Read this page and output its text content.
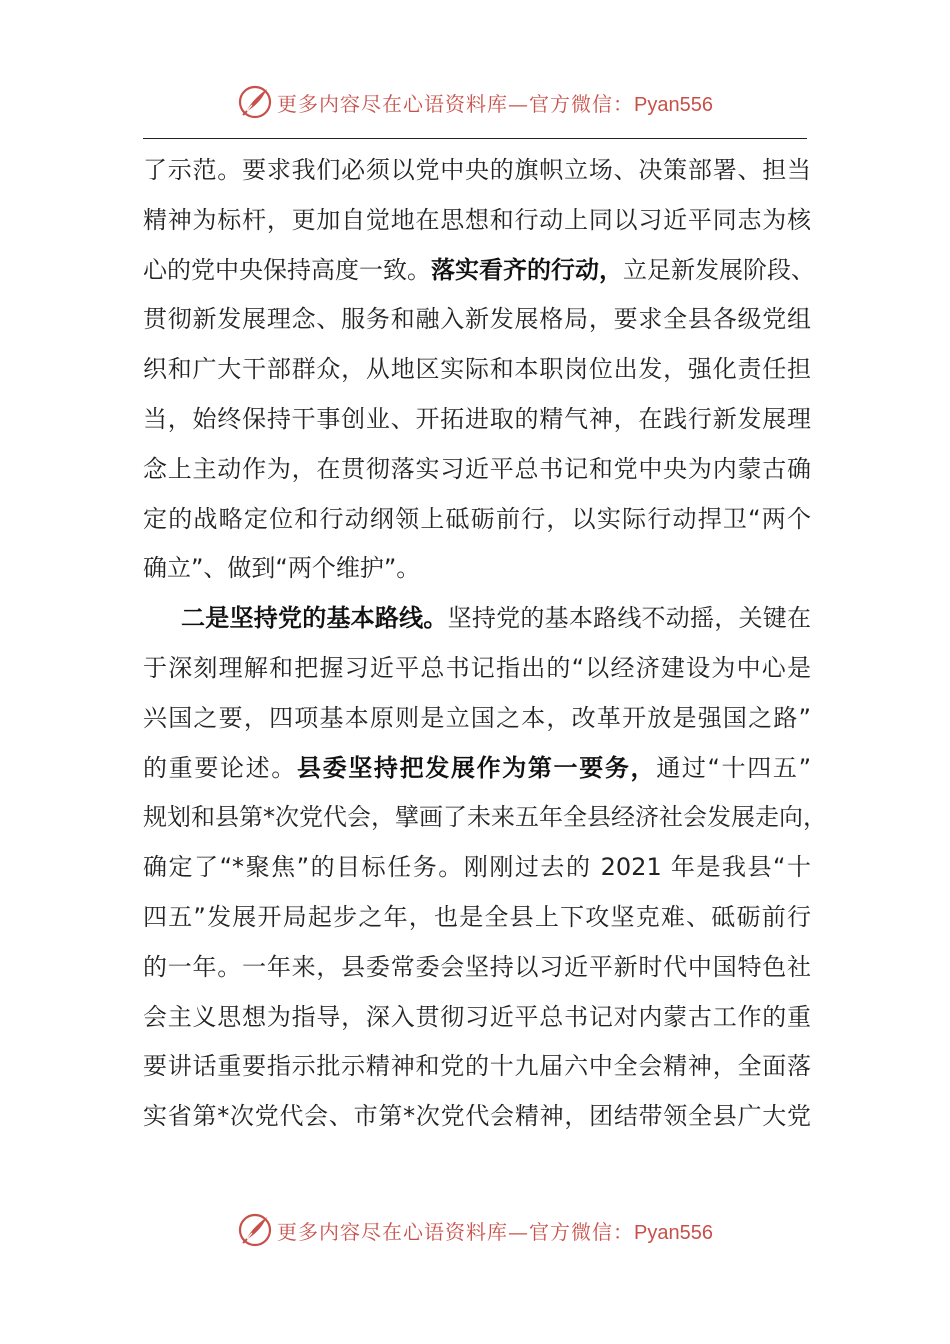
更多内容尽在心语资料库—官方微信：Pyan556
了示范。要求我们必须以党中央的旗帜立场、决策部署、担当
精神为标杆，更加自觉地在思想和行动上同以习近平同志为核
心的党中央保持高度一致。落实看齐的行动，立足新发展阶段、
贯彻新发展理念、服务和融入新发展格局，要求全县各级党组
织和广大干部群众，从地区实际和本职岗位出发，强化责任担
当，始终保持干事创业、开拓进取的精气神，在践行新发展理
念上主动作为，在贯彻落实习近平总书记和党中央为内蒙古确
定的战略定位和行动纲领上砥砺前行，以实际行动捍卫“两个
确立”、做到“两个维护”。
二是坚持党的基本路线。坚持党的基本路线不动摇，关键在
于深刻理解和把握习近平总书记指出的“以经济建设为中心是
兴国之要，四项基本原则是立国之本，改革开放是强国之路”
的重要论述。县委坚持把发展作为第一要务，通过“十四五”
规划和县第*次党代会，擘画了未来五年全县经济社会发展走向，
确定了“*聚焦”的目标任务。刚刚过去的 2021 年是我县“十
四五”发展开局起步之年，也是全县上下攻坚克难、砥砺前行
的一年。一年来，县委常委会坚持以习近平新时代中国特色社
会主义思想为指导，深入贯彻习近平总书记对内蒙古工作的重
要讲话重要指示批示精神和党的十九届六中全会精神，全面落
实省第*次党代会、市第*次党代会精神，团结带领全县广大党
更多内容尽在心语资料库—官方微信：Pyan556
